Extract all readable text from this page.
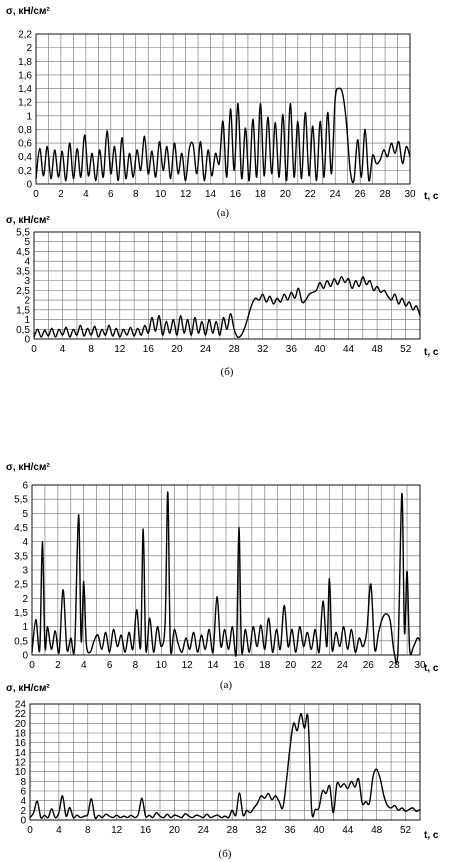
0
0,2
0,4
0,6
0,8
1
1,2
1,4
1,6
1,8
2
2,2
0 2 4 6 8 10 12 14 16 18 20 22 24 26 28 30
σ, кН/см²
t, c
(а)
0
0,5
1
1,5
2
2,5
3
3,5
4
4,5
5
5,5
0 4 8 12 16 20 24 28 32 36 40 44 48 52
σ, кН/см²
t, c
(б)
0
0,5
1
1,5
2
2,5
3
3,5
4
4,5
5
5,5
6
0 2 4 6 8 10 12 14 16 18 20 22 24 26 28 30
σ, кН/см²
t, c
(а)
0
2
4
6
8
10
12
14
16
18
20
22
24
0 4 8 12 16 20 24 28 32 36 40 44 48 52
σ, кН/см²
t, c
(б)
